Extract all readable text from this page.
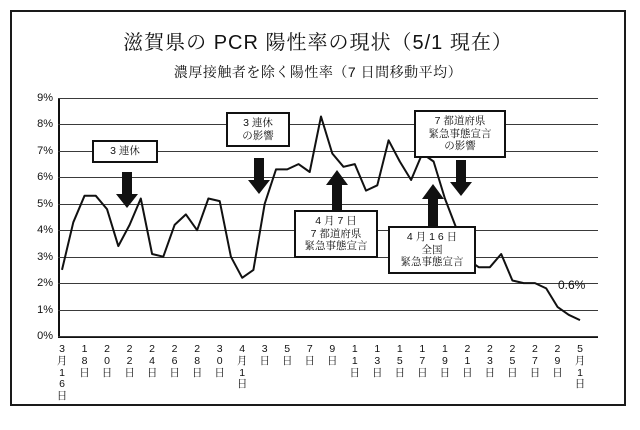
滋賀県の PCR 陽性率の現状（5/1 現在）
濃厚接触者を除く陽性率（7 日間移動平均）
0%
1%
2%
3%
4%
5%
6%
7%
8%
9%
3
月
1
6
日
1
8
日
2
0
日
2
2
日
2
4
日
2
6
日
2
8
日
3
0
日
4
月
1
日
3
日
5
日
7
日
9
日
1
1
日
1
3
日
1
5
日
1
7
日
1
9
日
2
1
日
2
3
日
2
5
日
2
7
日
2
9
日
5
月
1
日
3 連休
3 連休
の影響
7 都道府県
緊急事態宣言
の影響
4 月 7 日
7 都道府県
緊急事態宣言
4 月 1 6 日
全国
緊急事態宣言
0.6%
